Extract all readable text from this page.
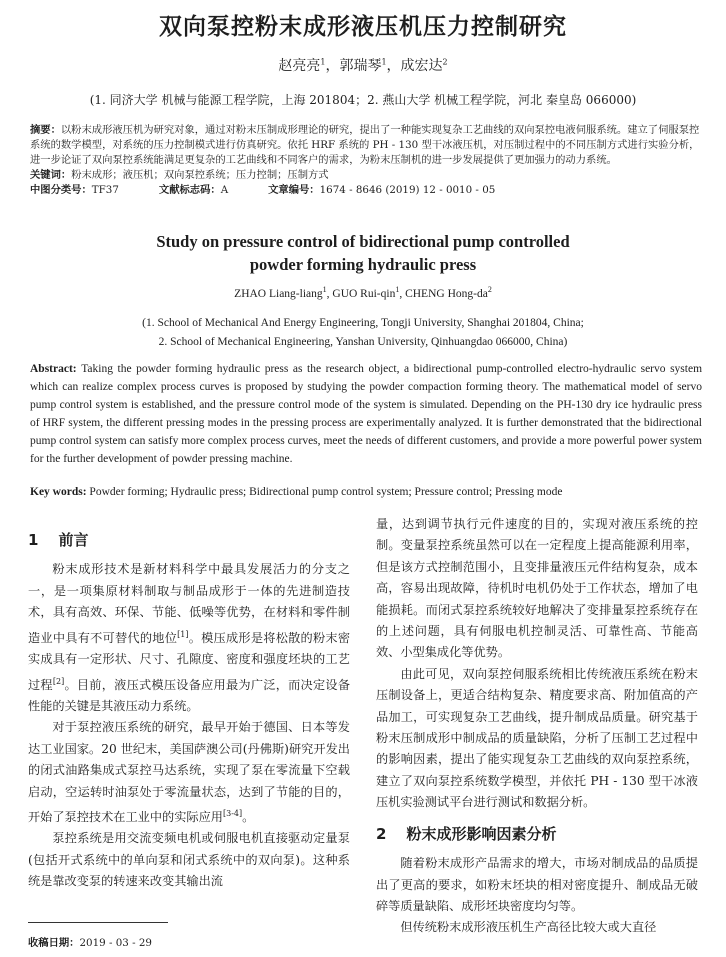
双向泵控粉末成形液压机压力控制研究
赵亮亮$^1$，郭瑞琴$^1$，成宏达$^2$
(1. 同济大学 机械与能源工程学院，上海 201804；2. 燕山大学 机械工程学院，河北 秦皇岛 066000)
摘要：以粉末成形液压机为研究对象，通过对粉末压制成形理论的研究，提出了一种能实现复杂工艺曲线的双向泵控电液伺服系统。建立了伺服泵控系统的数学模型，对系统的压力控制模式进行仿真研究。依托 HRF 系统的 PH - 130 型干冰液压机，对压制过程中的不同压制方式进行实验分析，进一步论证了双向泵控系统能满足更复杂的工艺曲线和不同客户的需求，为粉末压制机的进一步发展提供了更加强力的动力系统。
关键词：粉末成形；液压机；双向泵控系统；压力控制；压制方式
中图分类号：TF37	文献标志码：A	文章编号：1674 - 8646 (2019) 12 - 0010 - 05
Study on pressure control of bidirectional pump controlled
powder forming hydraulic press
ZHAO Liang-liang$^1$, GUO Rui-qin$^1$, CHENG Hong-$da^2$
(1. School of Mechanical And Energy Engineering, Tongji University, Shanghai 201804, China;
2. School of Mechanical Engineering, Yanshan University, Qinhuangdao 066000, China)
Abstract: Taking the powder forming hydraulic press as the research object, a bidirectional pump-controlled electro-hydraulic servo system which can realize complex process curves is proposed by studying the powder compaction forming theory. The mathematical model of servo pump control system is established, and the pressure control mode of the system is simulated. Depending on the PH-130 dry ice hydraulic press of HRF system, the different pressing modes in the pressing process are experimentally analyzed. It is further demonstrated that the bidirectional pump control system can satisfy more complex process curves, meet the needs of different customers, and provide a more powerful power system for the further development of powder pressing machine.
Key words: Powder forming; Hydraulic press; Bidirectional pump control system; Pressure control; Pressing mode
1 前言

粉末成形技术是新材料科学中最具发展活力的分支之一，是一项集原材料制取与制品成形于一体的先进制造技术，具有高效、环保、节能、低噪等优势，在材料和零件制造业中具有不可替代的地位[1]。模压成形是将松散的粉末密实成具有一定形状、尺寸、孔隙度、密度和强度坯块的工艺过程[2]。目前，液压式模压设备应用最为广泛，而决定设备性能的关键是其液压动力系统。

对于泵控液压系统的研究，最早开始于德国、日本等发达工业国家。20 世纪末，美国萨澳公司(丹佛斯)研究开发出的闭式油路集成式泵控马达系统，实现了泵在零流量下空载启动，空运转时油泵处于零流量状态，达到了节能的目的，开始了泵控技术在工业中的实际应用[3-4]。

泵控系统是用交流变频电机或伺服电机直接驱动定量泵(包括开式系统中的单向泵和闭式系统中的双向泵)。这种系统是靠改变泵的转速来改变其输出流

量，达到调节执行元件速度的目的，实现对液压系统的控制。变量泵控系统虽然可以在一定程度上提高能源利用率，但是该方式控制范围小，且变排量液压元件结构复杂，成本高，容易出现故障，待机时电机仍处于工作状态，增加了电能损耗。而闭式泵控系统较好地解决了变排量泵控系统存在的上述问题，具有伺服电机控制灵活、可靠性高、节能高效、小型集成化等优势。

由此可见，双向泵控伺服系统相比传统液压系统在粉末压制设备上，更适合结构复杂、精度要求高、附加值高的产品加工，可实现复杂工艺曲线，提升制成品质量。研究基于粉末压制成形中制成品的质量缺陷，分析了压制工艺过程中的影响因素，提出了能实现复杂工艺曲线的双向泵控系统，建立了双向泵控系统数学模型，并依托 PH - 130 型干冰液压机实验测试平台进行测试和数据分析。

2 粉末成形影响因素分析

随着粉末成形产品需求的增大，市场对制成品的品质提出了更高的要求，如粉末坯块的相对密度提升、制成品无破碎等质量缺陷、成形坯块密度均匀等。

但传统粉末成形液压机生产高径比较大或大直径

收稿日期：2019 - 03 - 29
